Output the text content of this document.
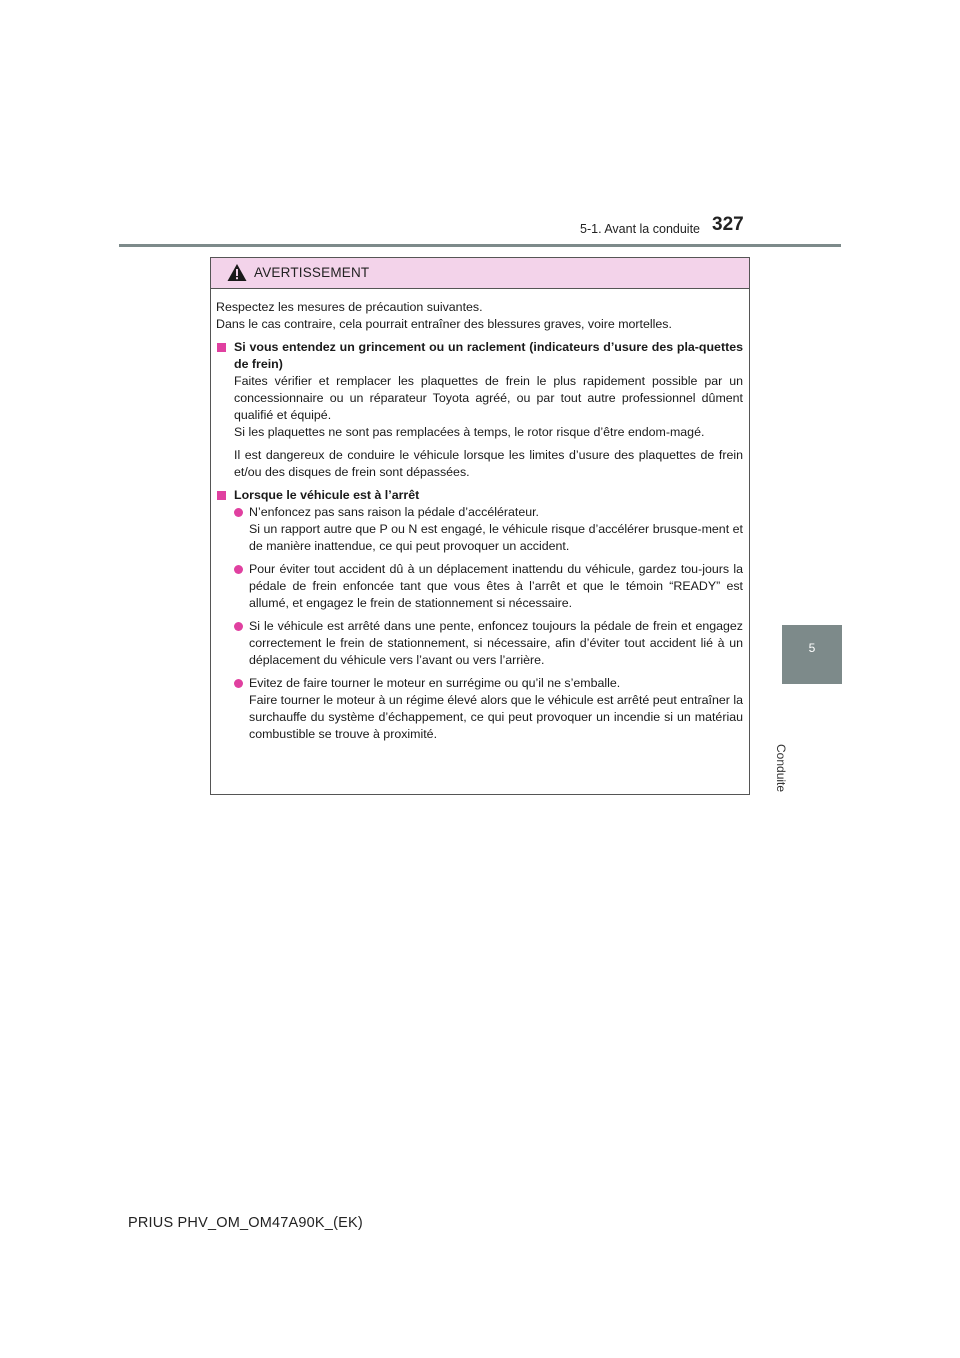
5-1. Avant la conduite 327
5
Conduite
AVERTISSEMENT

Respectez les mesures de précaution suivantes.

Dans le cas contraire, cela pourrait entraîner des blessures graves, voire mortelles.

Si vous entendez un grincement ou un raclement (indicateurs d’usure des pla-quettes de frein)

Faites vérifier et remplacer les plaquettes de frein le plus rapidement possible par un concessionnaire ou un réparateur Toyota agréé, ou par tout autre professionnel dûment qualifié et équipé.

Si les plaquettes ne sont pas remplacées à temps, le rotor risque d’être endom-magé.

Il est dangereux de conduire le véhicule lorsque les limites d’usure des plaquettes de frein et/ou des disques de frein sont dépassées.

Lorsque le véhicule est à l’arrêt

N’enfoncez pas sans raison la pédale d’accélérateur.

Si un rapport autre que P ou N est engagé, le véhicule risque d’accélérer brusque-ment et de manière inattendue, ce qui peut provoquer un accident.

Pour éviter tout accident dû à un déplacement inattendu du véhicule, gardez tou-jours la pédale de frein enfoncée tant que vous êtes à l’arrêt et que le témoin “READY” est allumé, et engagez le frein de stationnement si nécessaire.

Si le véhicule est arrêté dans une pente, enfoncez toujours la pédale de frein et engagez correctement le frein de stationnement, si nécessaire, afin d’éviter tout accident lié à un déplacement du véhicule vers l’avant ou vers l’arrière.

Evitez de faire tourner le moteur en surrégime ou qu’il ne s’emballe.

Faire tourner le moteur à un régime élevé alors que le véhicule est arrêté peut entraîner la surchauffe du système d’échappement, ce qui peut provoquer un incendie si un matériau combustible se trouve à proximité.

PRIUS PHV_OM_OM47A90K_(EK)
